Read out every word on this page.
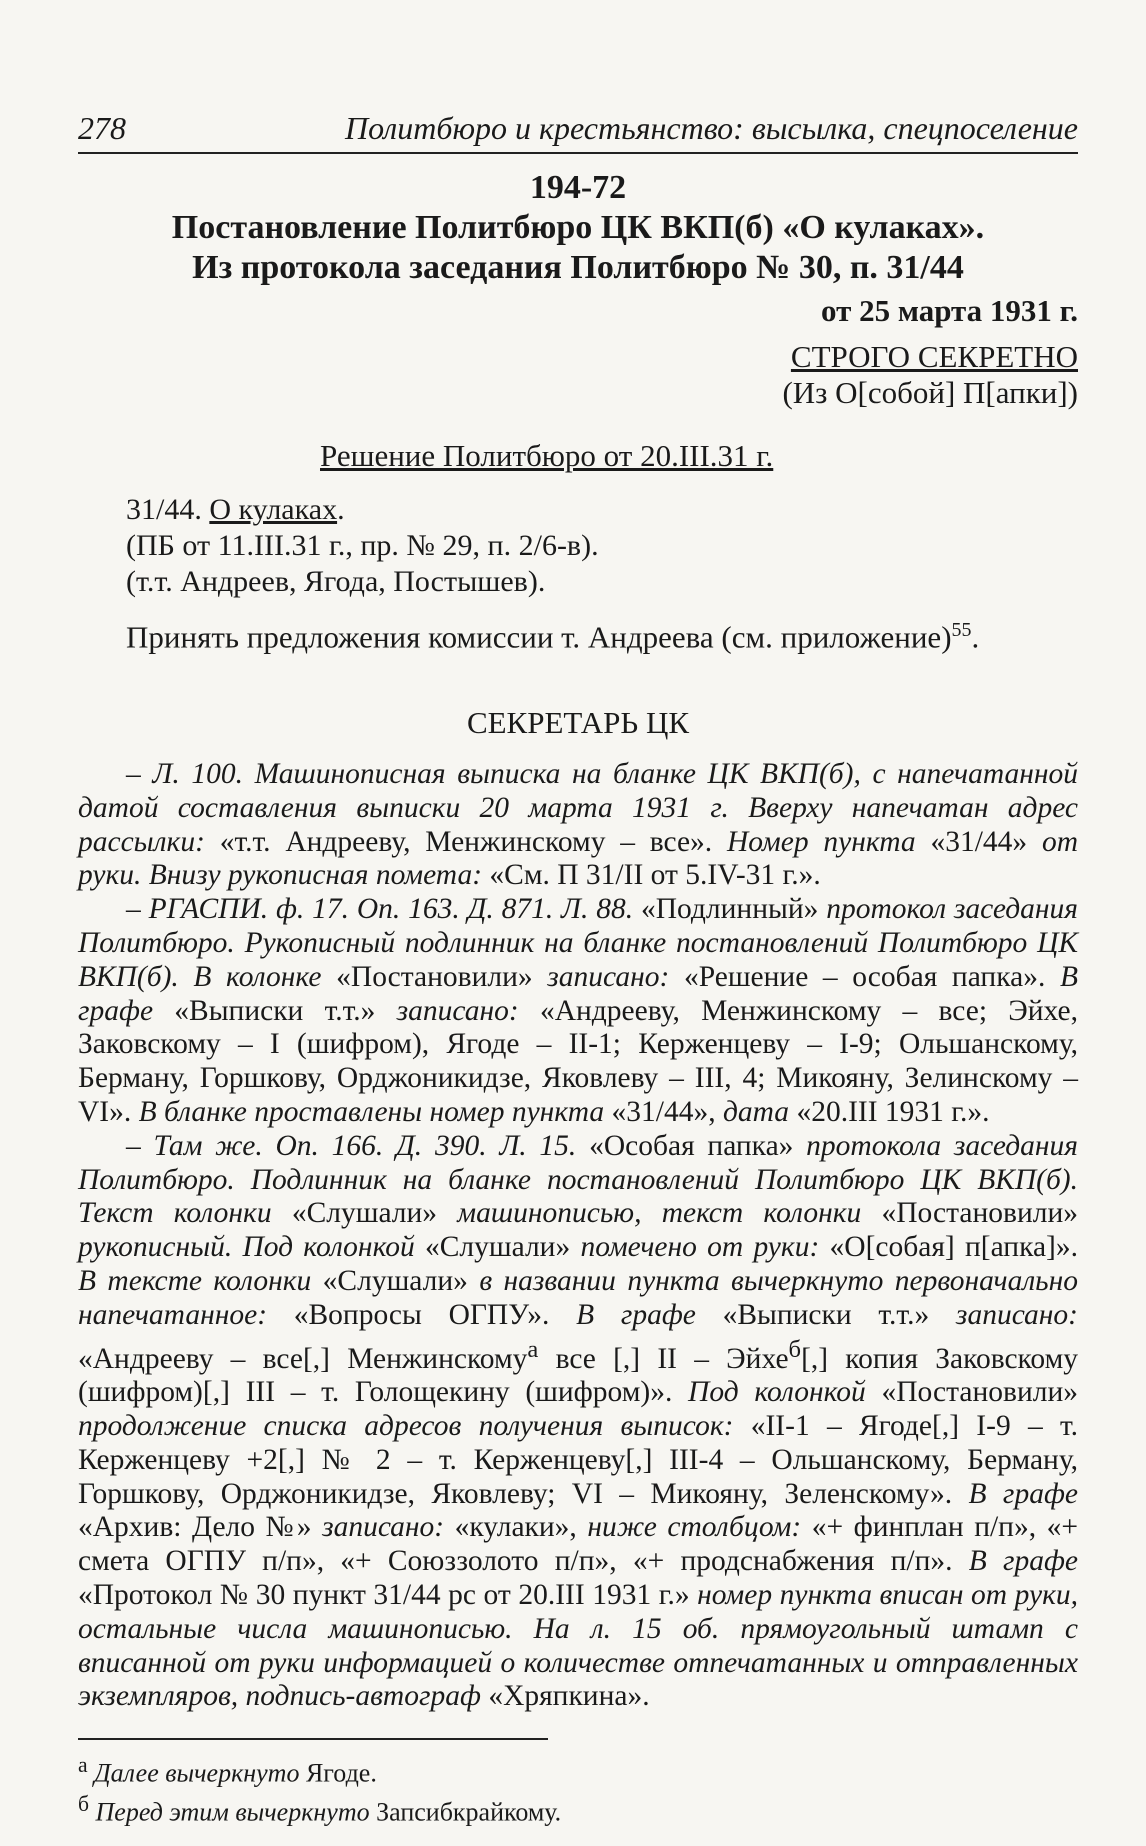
278	Политбюро и крестьянство: высылка, спецпоселение
194-72
Постановление Политбюро ЦК ВКП(б) «О кулаках».
Из протокола заседания Политбюро № 30, п. 31/44
от 25 марта 1931 г.
СТРОГО СЕКРЕТНО
(Из О[собой] П[апки])
Решение Политбюро от 20.III.31 г.
31/44. О кулаках.
(ПБ от 11.III.31 г., пр. № 29, п. 2/6-в).
(т.т. Андреев, Ягода, Постышев).
Принять предложения комиссии т. Андреева (см. приложение)$^{55}$.
СЕКРЕТАРЬ ЦК

– Л. 100. Машинописная выписка на бланке ЦК ВКП(б), с напечатанной датой составления выписки 20 марта 1931 г. Вверху напечатан адрес рассылки: «т.т. Андрееву, Менжинскому – все». Номер пункта «31/44» от руки. Внизу рукописная помета: «См. П 31/II от 5.IV-31 г.».

– РГАСПИ. ф. 17. Оп. 163. Д. 871. Л. 88. «Подлинный» протокол заседания Политбюро. Рукописный подлинник на бланке постановлений Политбюро ЦК ВКП(б). В колонке «Постановили» записано: «Решение – особая папка». В графе «Выписки т.т.» записано: «Андрееву, Менжинскому – все; Эйхе, Заковскому – I (шифром), Ягоде – II-1; Керженцеву – I-9; Ольшанскому, Берману, Горшкову, Орджоникидзе, Яковлеву – III, 4; Микояну, Зелинскому – VI». В бланке проставлены номер пункта «31/44», дата «20.III 1931 г.».

– Там же. Оп. 166. Д. 390. Л. 15. «Особая папка» протокола заседания Политбюро. Подлинник на бланке постановлений Политбюро ЦК ВКП(б). Текст колонки «Слушали» машинописью, текст колонки «Постановили» рукописный. Под колонкой «Слушали» помечено от руки: «О[собая] п[апка]». В тексте колонки «Слушали» в названии пункта вычеркнуто первоначально напечатанное: «Вопросы ОГПУ». В графе «Выписки т.т.» записано: «Андрееву – все[,] Менжинскому$^а$ все [,] II – Эйхе$^б$[,] копия Заковскому (шифром)[,] III – т. Голощекину (шифром)». Под колонкой «Постановили» продолжение списка адресов получения выписок: «II-1 – Ягоде[,] I-9 – т. Керженцеву +2[,] № 2 – т. Керженцеву[,] III-4 – Ольшанскому, Берману, Горшкову, Орджоникидзе, Яковлеву; VI – Микояну, Зеленскому». В графе «Архив: Дело №» записано: «кулаки», ниже столбцом: «+ финплан п/п», «+ смета ОГПУ п/п», «+ Союззолото п/п», «+ продснабжения п/п». В графе «Протокол № 30 пункт 31/44 рс от 20.III 1931 г.» номер пункта вписан от руки, остальные числа машинописью. На л. 15 об. прямоугольный штамп с вписанной от руки информацией о количестве отпечатанных и отправленных экземпляров, подпись-автограф «Хряпкина».

$^а$ Далее вычеркнуто Ягоде.
$^б$ Перед этим вычеркнуто Запсибкрайкому.
